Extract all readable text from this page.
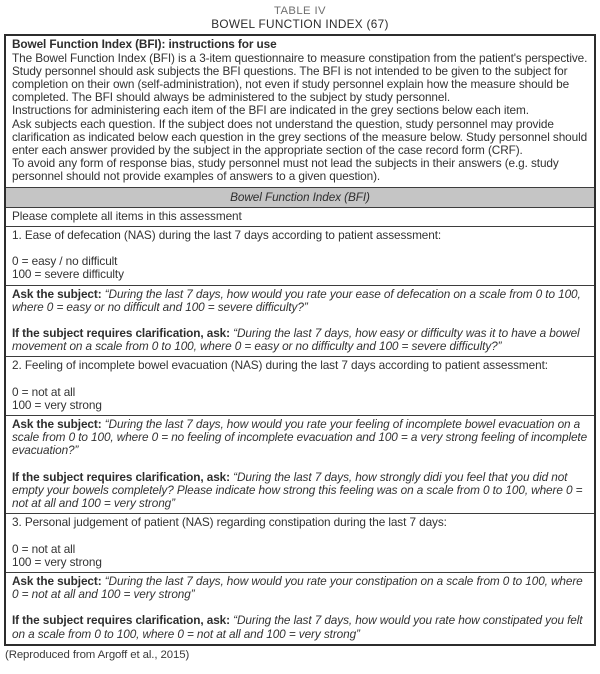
TABLE IV
BOWEL FUNCTION INDEX (67)

Bowel Function Index (BFI): instructions for use

The Bowel Function Index (BFI) is a 3-item questionnaire to measure constipation from the patient's perspective. Study personnel should ask subjects the BFI questions. The BFI is not intended to be given to the subject for completion on their own (self-administration), not even if study personnel explain how the measure should be completed. The BFI should always be administered to the subject by study personnel.

Instructions for administering each item of the BFI are indicated in the grey sections below each item.

Ask subjects each question. If the subject does not understand the question, study personnel may provide clarification as indicated below each question in the grey sections of the measure below. Study personnel should enter each answer provided by the subject in the appropriate section of the case record form (CRF).

To avoid any form of response bias, study personnel must not lead the subjects in their answers (e.g. study personnel should not provide examples of answers to a given question).

Bowel Function Index (BFI)
Please complete all items in this assessment

1. Ease of defecation (NAS) during the last 7 days according to patient assessment:

0 = easy / no difficult

100 = severe difficulty

Ask the subject: “During the last 7 days, how would you rate your ease of defecation on a scale from 0 to 100, where 0 = easy or no difficult and 100 = severe difficulty?”

If the subject requires clarification, ask: “During the last 7 days, how easy or difficulty was it to have a bowel movement on a scale from 0 to 100, where 0 = easy or no difficulty and 100 = severe difficulty?”

2. Feeling of incomplete bowel evacuation (NAS) during the last 7 days according to patient assessment:

0 = not at all

100 = very strong

Ask the subject: “During the last 7 days, how would you rate your feeling of incomplete bowel evacuation on a scale from 0 to 100, where 0 = no feeling of incomplete evacuation and 100 = a very strong feeling of incomplete evacuation?”

If the subject requires clarification, ask: “During the last 7 days, how strongly didi you feel that you did not empty your bowels completely? Please indicate how strong this feeling was on a scale from 0 to 100, where 0 = not at all and 100 = very strong”

3. Personal judgement of patient (NAS) regarding constipation during the last 7 days:

0 = not at all

100 = very strong

Ask the subject: “During the last 7 days, how would you rate your constipation on a scale from 0 to 100, where 0 = not at all and 100 = very strong”

If the subject requires clarification, ask: “During the last 7 days, how would you rate how constipated you felt on a scale from 0 to 100, where 0 = not at all and 100 = very strong”

(Reproduced from Argoff et al., 2015)
